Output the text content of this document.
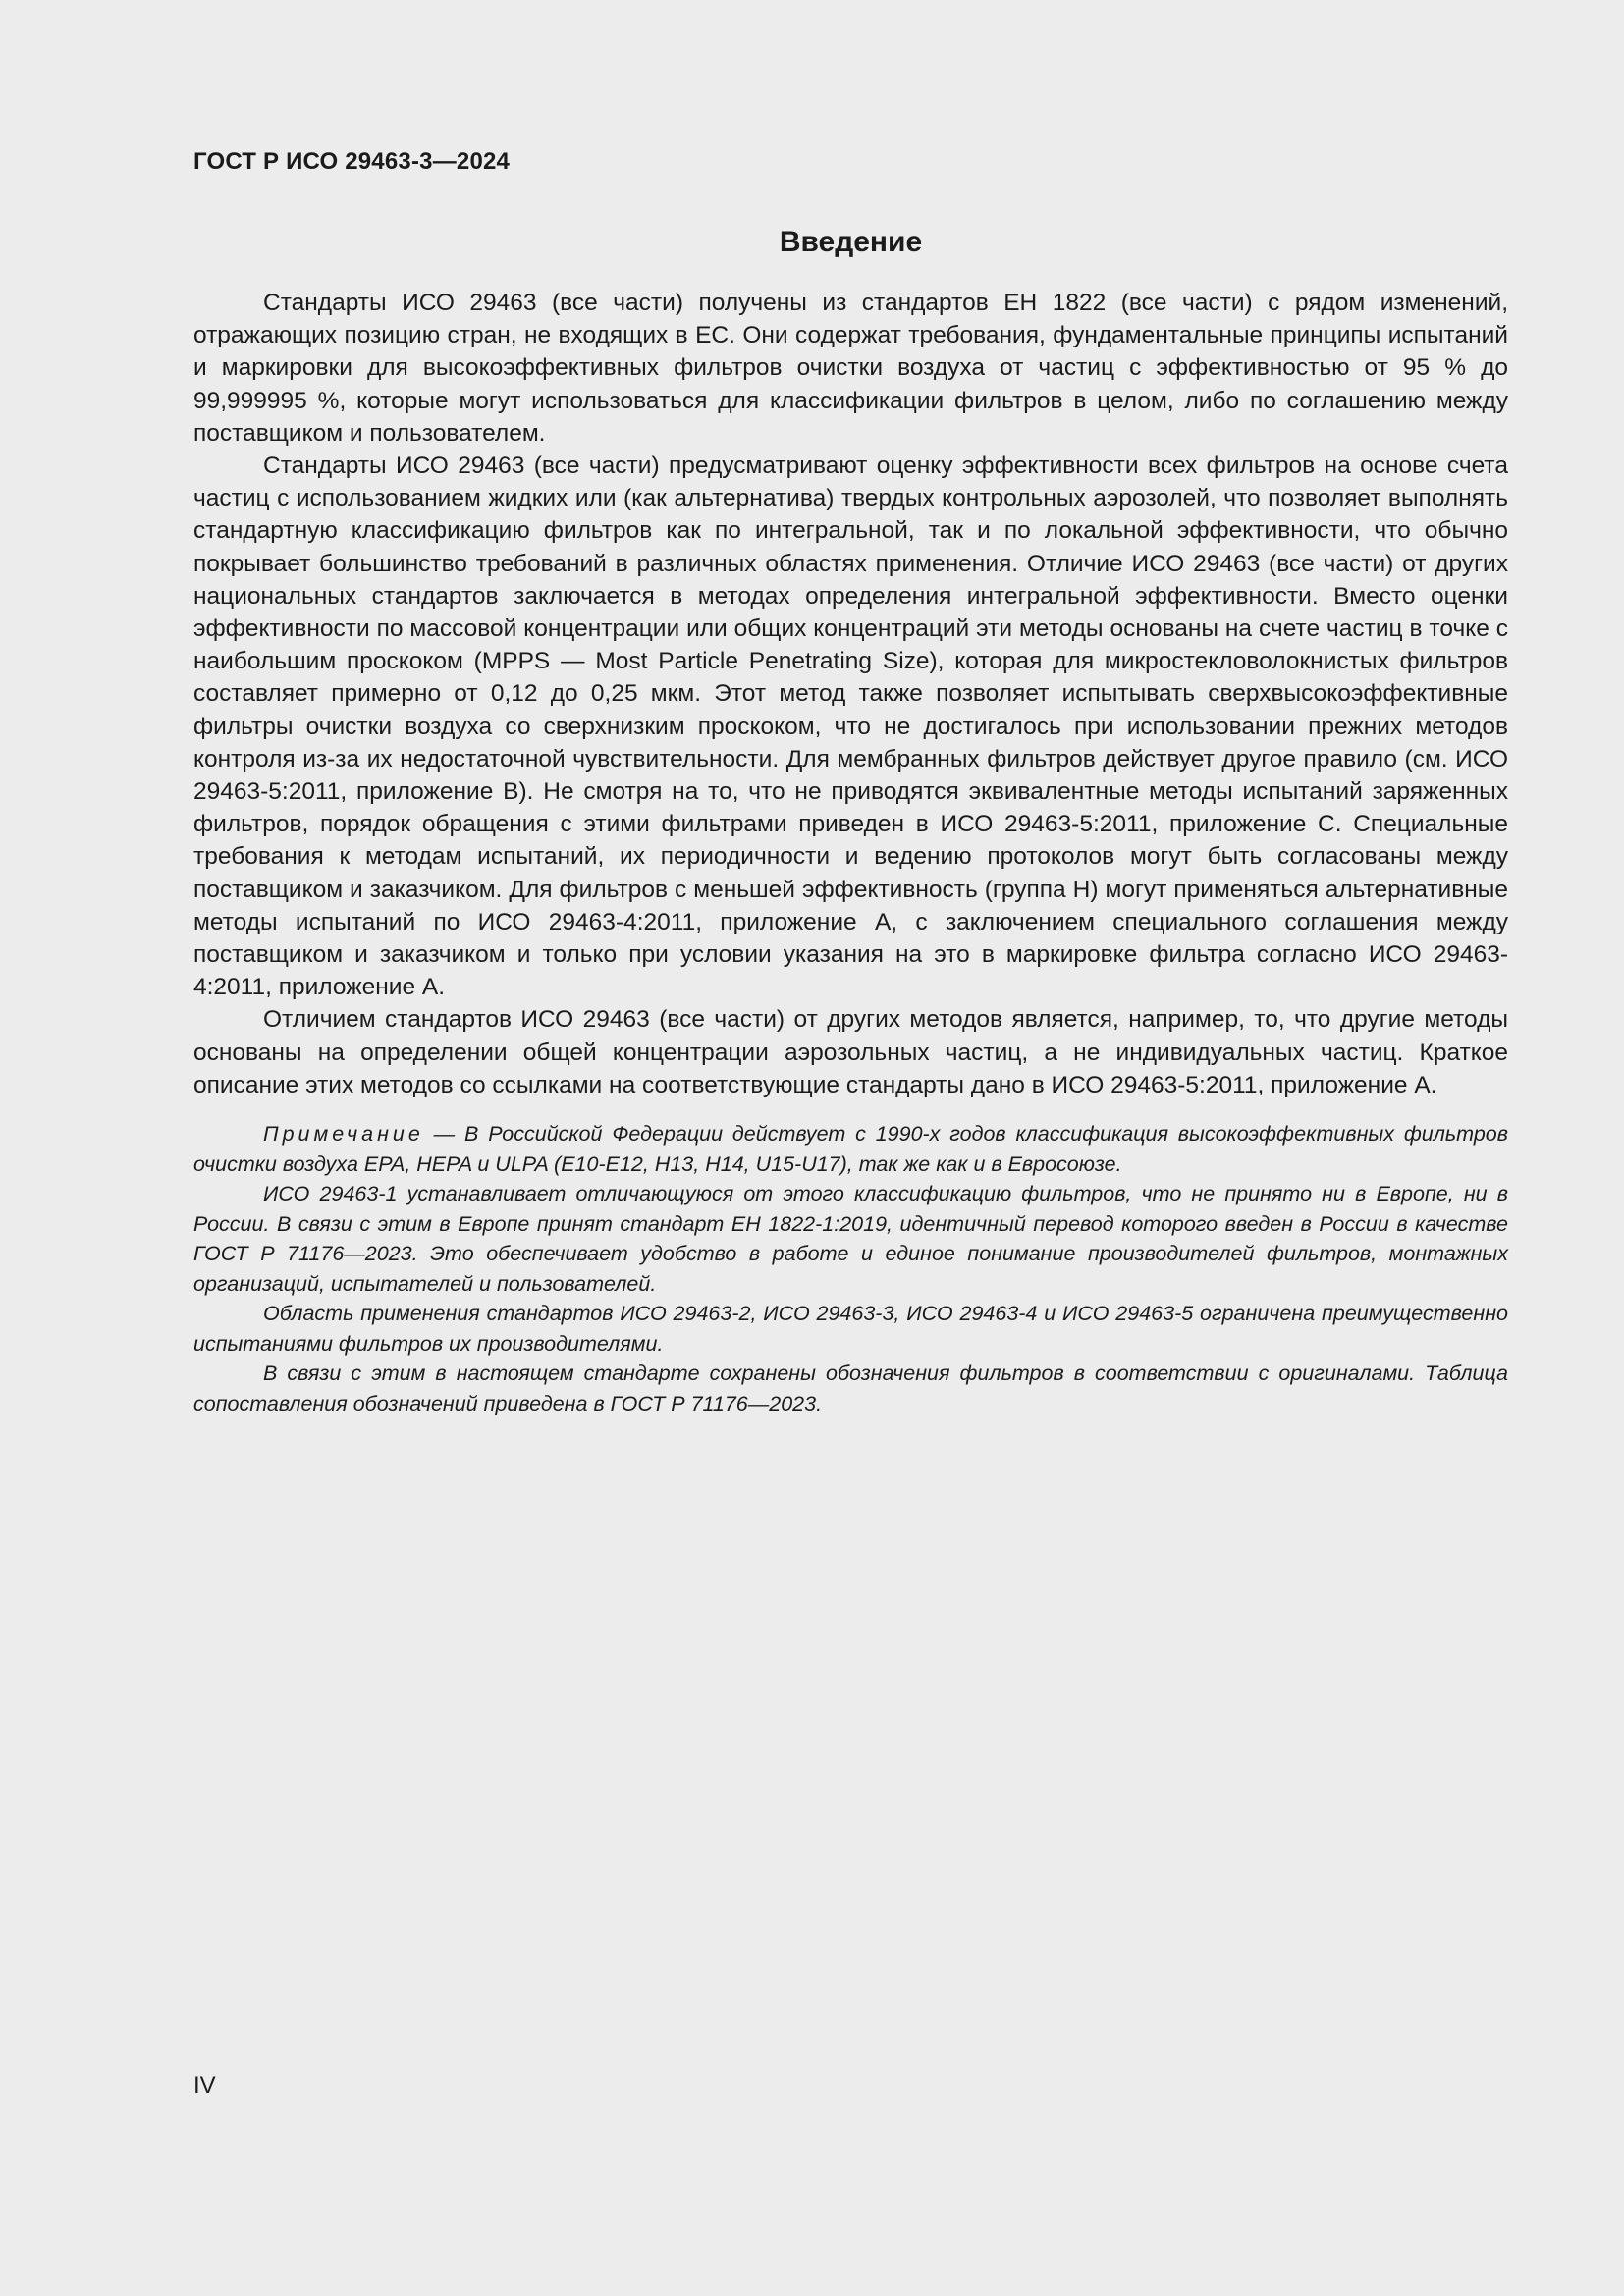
ГОСТ Р ИСО 29463-3—2024
Введение

Стандарты ИСО 29463 (все части) получены из стандартов ЕН 1822 (все части) с рядом изменений, отражающих позицию стран, не входящих в ЕС. Они содержат требования, фундаментальные принципы испытаний и маркировки для высокоэффективных фильтров очистки воздуха от частиц с эффективностью от 95 % до 99,999995 %, которые могут использоваться для классификации фильтров в целом, либо по соглашению между поставщиком и пользователем.

Стандарты ИСО 29463 (все части) предусматривают оценку эффективности всех фильтров на основе счета частиц с использованием жидких или (как альтернатива) твердых контрольных аэрозолей, что позволяет выполнять стандартную классификацию фильтров как по интегральной, так и по локальной эффективности, что обычно покрывает большинство требований в различных областях применения. Отличие ИСО 29463 (все части) от других национальных стандартов заключается в методах определения интегральной эффективности. Вместо оценки эффективности по массовой концентрации или общих концентраций эти методы основаны на счете частиц в точке с наибольшим проскоком (MPPS — Most Particle Penetrating Size), которая для микростекловолокнистых фильтров составляет примерно от 0,12 до 0,25 мкм. Этот метод также позволяет испытывать сверхвысокоэффективные фильтры очистки воздуха со сверхнизким проскоком, что не достигалось при использовании прежних методов контроля из-за их недостаточной чувствительности. Для мембранных фильтров действует другое правило (см. ИСО 29463-5:2011, приложение B). Не смотря на то, что не приводятся эквивалентные методы испытаний заряженных фильтров, порядок обращения с этими фильтрами приведен в ИСО 29463-5:2011, приложение C. Специальные требования к методам испытаний, их периодичности и ведению протоколов могут быть согласованы между поставщиком и заказчиком. Для фильтров с меньшей эффективность (группа H) могут применяться альтернативные методы испытаний по ИСО 29463-4:2011, приложение A, с заключением специального соглашения между поставщиком и заказчиком и только при условии указания на это в маркировке фильтра согласно ИСО 29463-4:2011, приложение A.

Отличием стандартов ИСО 29463 (все части) от других методов является, например, то, что другие методы основаны на определении общей концентрации аэрозольных частиц, а не индивидуальных частиц. Краткое описание этих методов со ссылками на соответствующие стандарты дано в ИСО 29463-5:2011, приложение A.

Примечание — В Российской Федерации действует с 1990-х годов классификация высокоэффективных фильтров очистки воздуха EPA, HEPA и ULPA (E10-E12, H13, H14, U15-U17), так же как и в Евросоюзе.

ИСО 29463-1 устанавливает отличающуюся от этого классификацию фильтров, что не принято ни в Европе, ни в России. В связи с этим в Европе принят стандарт ЕН 1822-1:2019, идентичный перевод которого введен в России в качестве ГОСТ Р 71176—2023. Это обеспечивает удобство в работе и единое понимание производителей фильтров, монтажных организаций, испытателей и пользователей.

Область применения стандартов ИСО 29463-2, ИСО 29463-3, ИСО 29463-4 и ИСО 29463-5 ограничена преимущественно испытаниями фильтров их производителями.

В связи с этим в настоящем стандарте сохранены обозначения фильтров в соответствии с оригиналами. Таблица сопоставления обозначений приведена в ГОСТ Р 71176—2023.

IV
